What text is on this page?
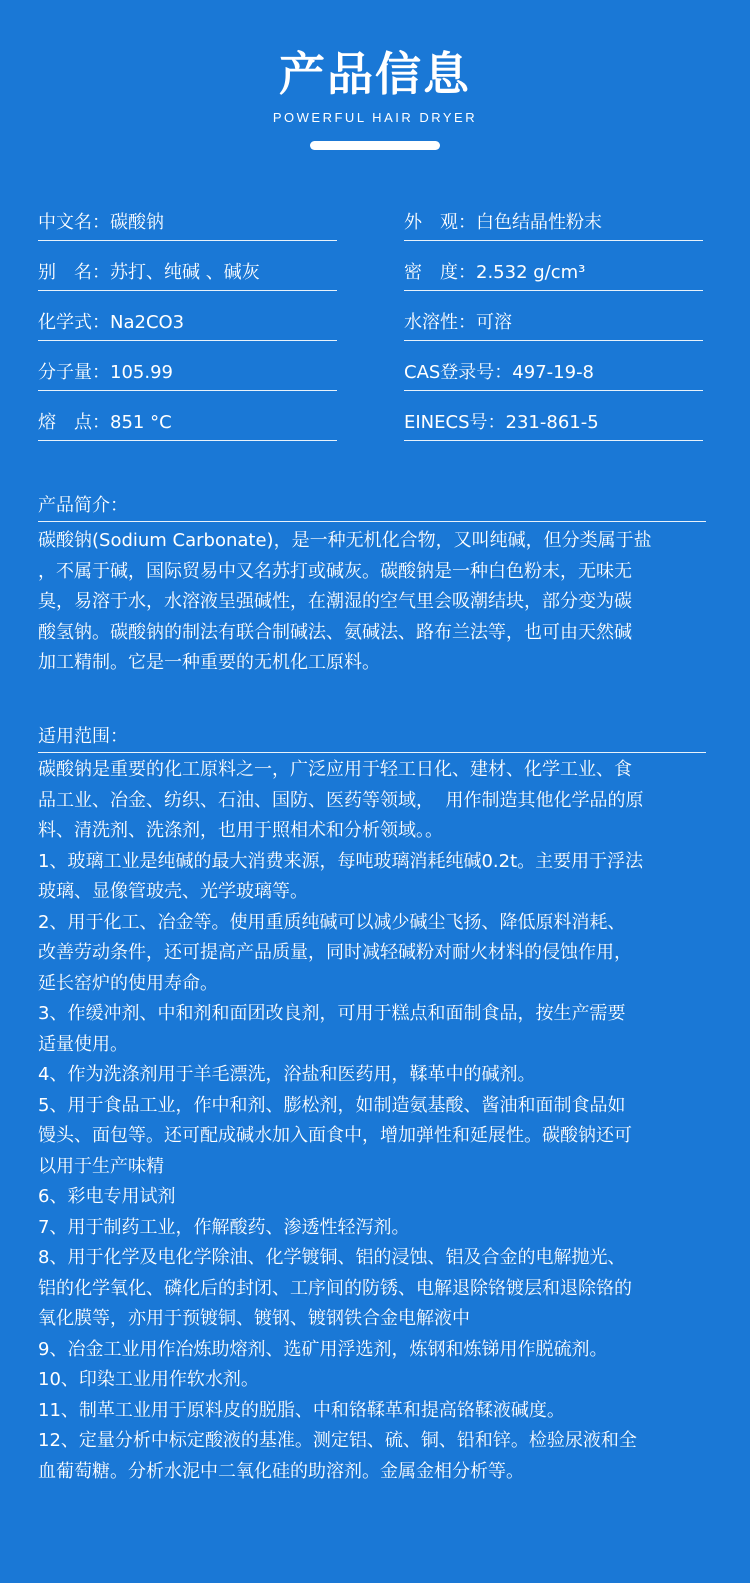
产品信息
POWERFUL HAIR DRYER
中文名：碳酸钠	外　观：白色结晶性粉末
别　名：苏打、纯碱 、碱灰	密　度：2.532 g/cm³
化学式：Na2CO3	水溶性：可溶
分子量：105.99	CAS登录号：497-19-8
熔　点：851 °C	EINECS号：231-861-5
产品简介：
碳酸钠(Sodium Carbonate)，是一种无机化合物，又叫纯碱，但分类属于盐
，不属于碱，国际贸易中又名苏打或碱灰。碳酸钠是一种白色粉末，无味无
臭，易溶于水，水溶液呈强碱性，在潮湿的空气里会吸潮结块，部分变为碳
酸氢钠。碳酸钠的制法有联合制碱法、氨碱法、路布兰法等，也可由天然碱
加工精制。它是一种重要的无机化工原料。
适用范围：
碳酸钠是重要的化工原料之一，广泛应用于轻工日化、建材、化学工业、食
品工业、冶金、纺织、石油、国防、医药等领域，  用作制造其他化学品的原
料、清洗剂、洗涤剂，也用于照相术和分析领域。。
1、玻璃工业是纯碱的最大消费来源，每吨玻璃消耗纯碱0.2t。主要用于浮法
玻璃、显像管玻壳、光学玻璃等。
2、用于化工、冶金等。使用重质纯碱可以减少碱尘飞扬、降低原料消耗、
改善劳动条件，还可提高产品质量，同时减轻碱粉对耐火材料的侵蚀作用，
延长窑炉的使用寿命。
3、作缓冲剂、中和剂和面团改良剂，可用于糕点和面制食品，按生产需要
适量使用。
4、作为洗涤剂用于羊毛漂洗，浴盐和医药用，鞣革中的碱剂。
5、用于食品工业，作中和剂、膨松剂，如制造氨基酸、酱油和面制食品如
馒头、面包等。还可配成碱水加入面食中，增加弹性和延展性。碳酸钠还可
以用于生产味精
6、彩电专用试剂
7、用于制药工业，作解酸药、渗透性轻泻剂。
8、用于化学及电化学除油、化学镀铜、铝的浸蚀、铝及合金的电解抛光、
铝的化学氧化、磷化后的封闭、工序间的防锈、电解退除铬镀层和退除铬的
氧化膜等，亦用于预镀铜、镀钢、镀钢铁合金电解液中
9、冶金工业用作冶炼助熔剂、选矿用浮选剂，炼钢和炼锑用作脱硫剂。
10、印染工业用作软水剂。
11、制革工业用于原料皮的脱脂、中和铬鞣革和提高铬鞣液碱度。
12、定量分析中标定酸液的基准。测定铝、硫、铜、铅和锌。检验尿液和全
血葡萄糖。分析水泥中二氧化硅的助溶剂。金属金相分析等。
